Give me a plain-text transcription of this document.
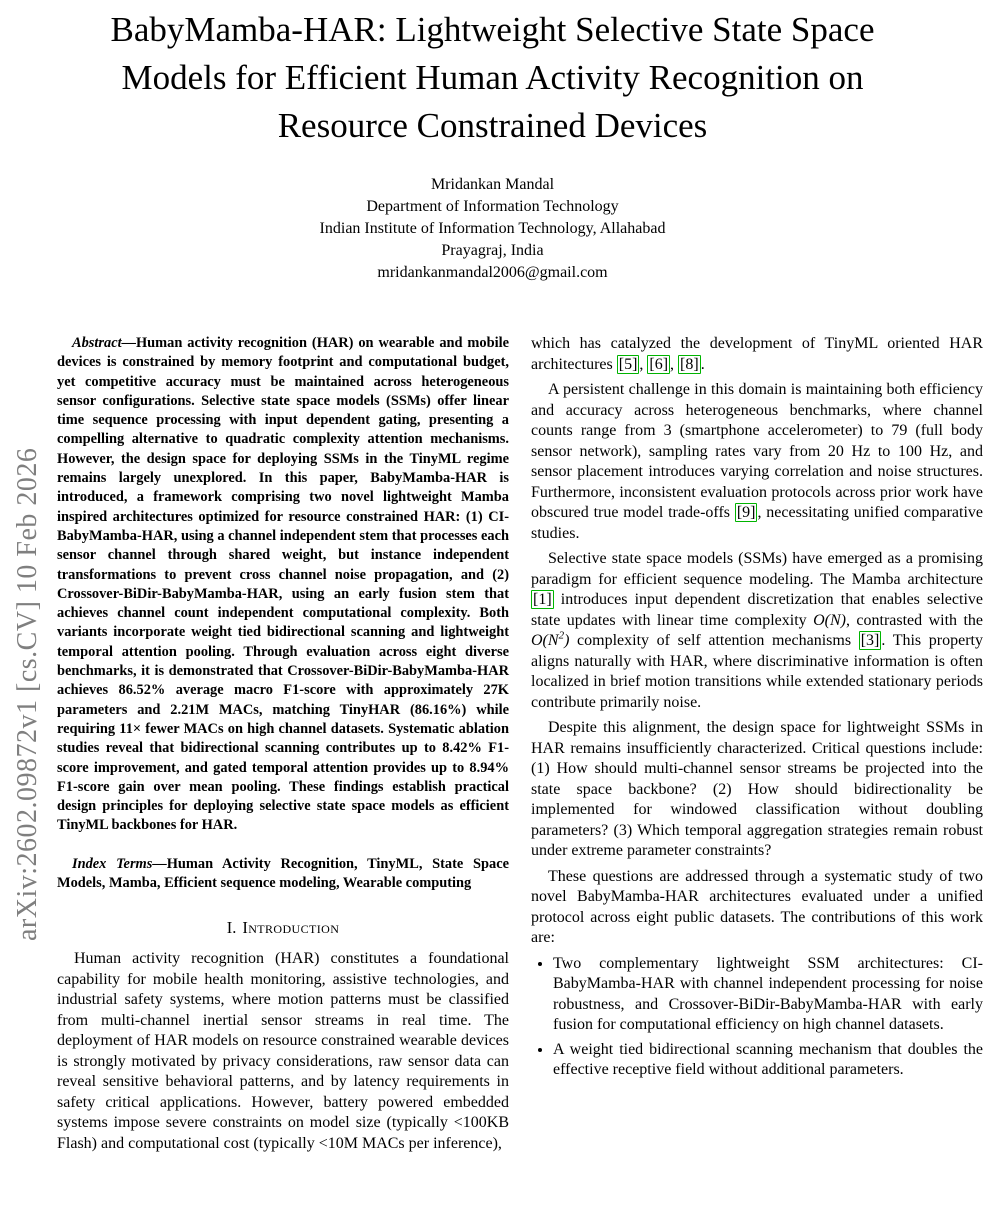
arXiv:2602.09872v1 [cs.CV] 10 Feb 2026
BabyMamba-HAR: Lightweight Selective State Space Models for Efficient Human Activity Recognition on Resource Constrained Devices
Mridankan Mandal
Department of Information Technology
Indian Institute of Information Technology, Allahabad
Prayagraj, India
mridankanmandal2006@gmail.com

Abstract—Human activity recognition (HAR) on wearable and mobile devices is constrained by memory footprint and computational budget, yet competitive accuracy must be maintained across heterogeneous sensor configurations. Selective state space models (SSMs) offer linear time sequence processing with input dependent gating, presenting a compelling alternative to quadratic complexity attention mechanisms. However, the design space for deploying SSMs in the TinyML regime remains largely unexplored. In this paper, BabyMamba-HAR is introduced, a framework comprising two novel lightweight Mamba inspired architectures optimized for resource constrained HAR: (1) CI-BabyMamba-HAR, using a channel independent stem that processes each sensor channel through shared weight, but instance independent transformations to prevent cross channel noise propagation, and (2) Crossover-BiDir-BabyMamba-HAR, using an early fusion stem that achieves channel count independent computational complexity. Both variants incorporate weight tied bidirectional scanning and lightweight temporal attention pooling. Through evaluation across eight diverse benchmarks, it is demonstrated that Crossover-BiDir-BabyMamba-HAR achieves 86.52% average macro F1-score with approximately 27K parameters and 2.21M MACs, matching TinyHAR (86.16%) while requiring 11× fewer MACs on high channel datasets. Systematic ablation studies reveal that bidirectional scanning contributes up to 8.42% F1-score improvement, and gated temporal attention provides up to 8.94% F1-score gain over mean pooling. These findings establish practical design principles for deploying selective state space models as efficient TinyML backbones for HAR.

Index Terms—Human Activity Recognition, TinyML, State Space Models, Mamba, Efficient sequence modeling, Wearable computing

I. Introduction

Human activity recognition (HAR) constitutes a foundational capability for mobile health monitoring, assistive technologies, and industrial safety systems, where motion patterns must be classified from multi-channel inertial sensor streams in real time. The deployment of HAR models on resource constrained wearable devices is strongly motivated by privacy considerations, raw sensor data can reveal sensitive behavioral patterns, and by latency requirements in safety critical applications. However, battery powered embedded systems impose severe constraints on model size (typically <100KB Flash) and computational cost (typically <10M MACs per inference),

which has catalyzed the development of TinyML oriented HAR architectures [5] , [6] , [8] .

A persistent challenge in this domain is maintaining both efficiency and accuracy across heterogeneous benchmarks, where channel counts range from 3 (smartphone accelerometer) to 79 (full body sensor network), sampling rates vary from 20 Hz to 100 Hz, and sensor placement introduces varying correlation and noise structures. Furthermore, inconsistent evaluation protocols across prior work have obscured true model trade-offs [9] , necessitating unified comparative studies.

Selective state space models (SSMs) have emerged as a promising paradigm for efficient sequence modeling. The Mamba architecture [1] introduces input dependent discretization that enables selective state updates with linear time complexity O(N), contrasted with the $O(N^2)$ complexity of self attention mechanisms [3] . This property aligns naturally with HAR, where discriminative information is often localized in brief motion transitions while extended stationary periods contribute primarily noise.

Despite this alignment, the design space for lightweight SSMs in HAR remains insufficiently characterized. Critical questions include: (1) How should multi-channel sensor streams be projected into the state space backbone? (2) How should bidirectionality be implemented for windowed classification without doubling parameters? (3) Which temporal aggregation strategies remain robust under extreme parameter constraints?

These questions are addressed through a systematic study of two novel BabyMamba-HAR architectures evaluated under a unified protocol across eight public datasets. The contributions of this work are:

• Two complementary lightweight SSM architectures: CI-BabyMamba-HAR with channel independent processing for noise robustness, and Crossover-BiDir-BabyMamba-HAR with early fusion for computational efficiency on high channel datasets.
• A weight tied bidirectional scanning mechanism that doubles the effective receptive field without additional parameters.
